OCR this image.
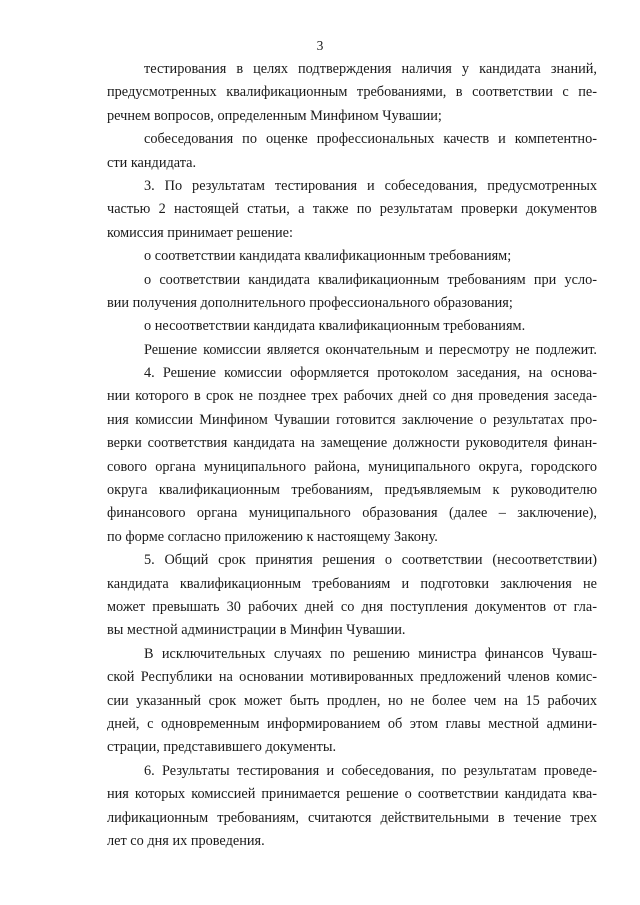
3
тестирования в целях подтверждения наличия у кандидата знаний,
предусмотренных квалификационным требованиями, в соответствии с пе-
речнем вопросов, определенным Минфином Чувашии;
собеседования по оценке профессиональных качеств и компетентно-
сти кандидата.
3. По результатам тестирования и собеседования, предусмотренных
частью 2 настоящей статьи, а также по результатам проверки документов
комиссия принимает решение:
о соответствии кандидата квалификационным требованиям;
о соответствии кандидата квалификационным требованиям при усло-
вии получения дополнительного профессионального образования;
о несоответствии кандидата квалификационным требованиям.
Решение комиссии является окончательным и пересмотру не подлежит.
4. Решение комиссии оформляется протоколом заседания, на основа-
нии которого в срок не позднее трех рабочих дней со дня проведения заседа-
ния комиссии Минфином Чувашии готовится заключение о результатах про-
верки соответствия кандидата на замещение должности руководителя финан-
сового органа муниципального района, муниципального округа, городского
округа квалификационным требованиям, предъявляемым к руководителю
финансового органа муниципального образования (далее – заключение),
по форме согласно приложению к настоящему Закону.
5. Общий срок принятия решения о соответствии (несоответствии)
кандидата квалификационным требованиям и подготовки заключения не
может превышать 30 рабочих дней со дня поступления документов от гла-
вы местной администрации в Минфин Чувашии.
В исключительных случаях по решению министра финансов Чуваш-
ской Республики на основании мотивированных предложений членов комис-
сии указанный срок может быть продлен, но не более чем на 15 рабочих
дней, с одновременным информированием об этом главы местной админи-
страции, представившего документы.
6. Результаты тестирования и собеседования, по результатам проведе-
ния которых комиссией принимается решение о соответствии кандидата ква-
лификационным требованиям, считаются действительными в течение трех
лет со дня их проведения.
